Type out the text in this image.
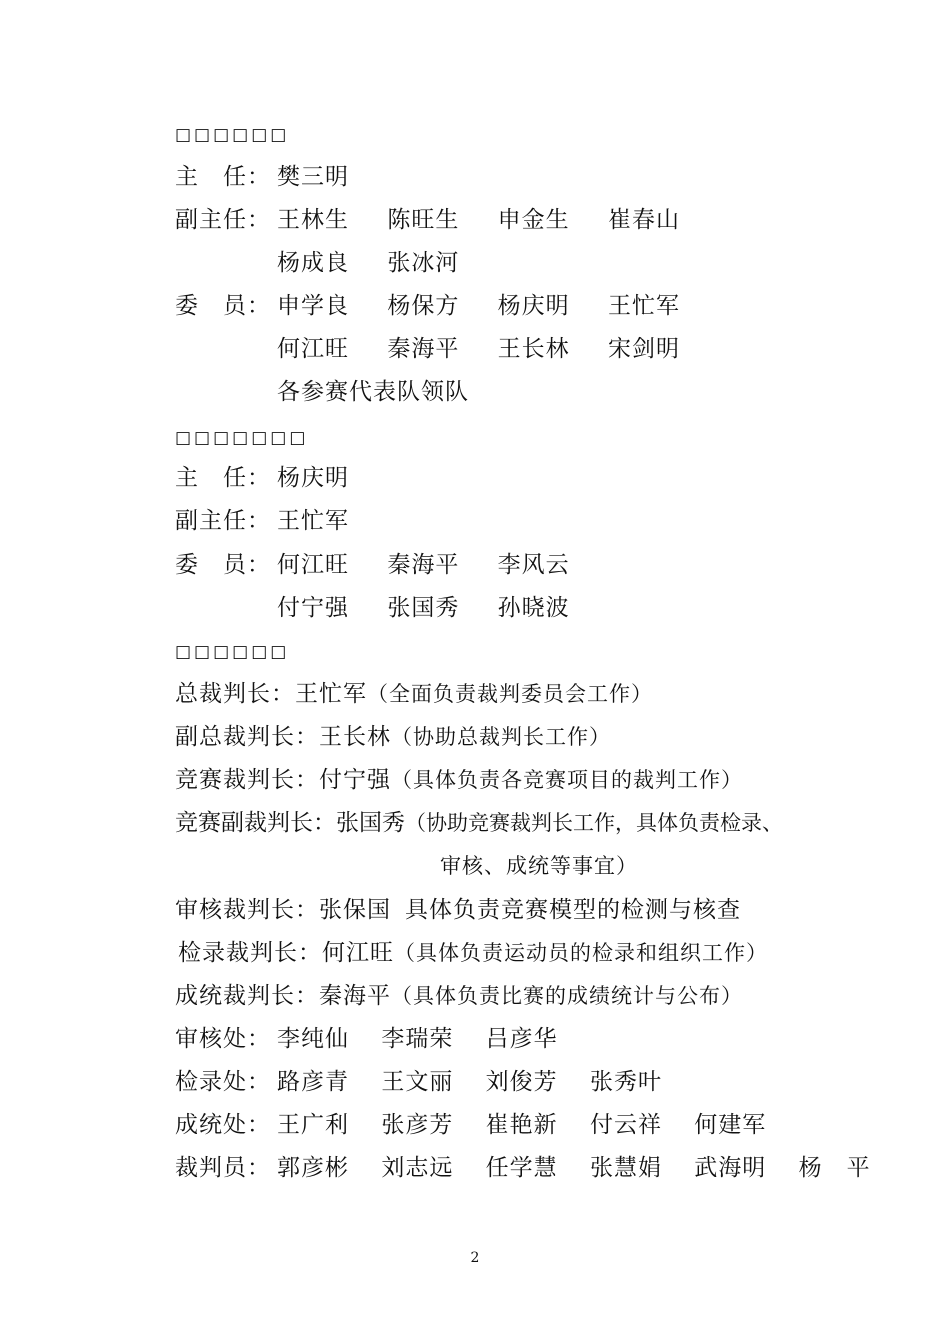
□□□□□□
主　任： 樊三明
副主任： 王林生 陈旺生 申金生 崔春山
杨成良 张冰河
委　员： 申学良 杨保方 杨庆明 王忙军
何江旺 秦海平 王长林 宋剑明
各参赛代表队领队
□□□□□□□
主　任： 杨庆明
副主任： 王忙军
委　员： 何江旺 秦海平 李风云
付宁强 张国秀 孙晓波
□□□□□□
总裁判长：王忙军（全面负责裁判委员会工作）
副总裁判长：王长林（协助总裁判长工作）
竞赛裁判长：付宁强（具体负责各竞赛项目的裁判工作）
竞赛副裁判长：张国秀（协助竞赛裁判长工作，具体负责检录、
审核、成统等事宜）
审核裁判长：张保国 具体负责竞赛模型的检测与核查
检录裁判长：何江旺（具体负责运动员的检录和组织工作）
成统裁判长：秦海平（具体负责比赛的成绩统计与公布）
审核处： 李纯仙 李瑞荣 吕彦华
检录处： 路彦青 王文丽 刘俊芳 张秀叶
成统处： 王广利 张彦芳 崔艳新 付云祥 何建军
裁判员： 郭彦彬 刘志远 任学慧 张慧娟 武海明 杨　平
2
